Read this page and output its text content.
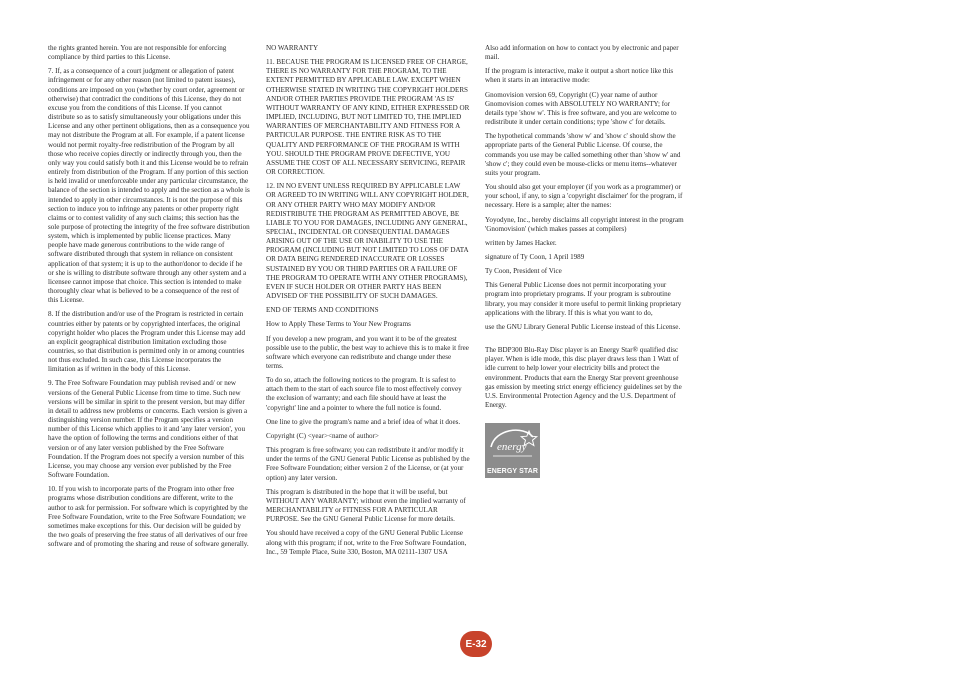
the rights granted herein. You are not responsible for enforcing compliance by third parties to this License.

7. If, as a consequence of a court judgment or allegation of patent infringement or for any other reason (not limited to patent issues), conditions are imposed on you (whether by court order, agreement or otherwise) that contradict the conditions of this License, they do not excuse you from the conditions of this License. If you cannot distribute so as to satisfy simultaneously your obligations under this License and any other pertinent obligations, then as a consequence you may not distribute the Program at all. For example, if a patent license would not permit royalty-free redistribution of the Program by all those who receive copies directly or indirectly through you, then the only way you could satisfy both it and this License would be to refrain entirely from distribution of the Program. If any portion of this section is held invalid or unenforceable under any particular circumstance, the balance of the section is intended to apply and the section as a whole is intended to apply in other circumstances. It is not the purpose of this section to induce you to infringe any patents or other property right claims or to contest validity of any such claims; this section has the sole purpose of protecting the integrity of the free software distribution system, which is implemented by public license practices. Many people have made generous contributions to the wide range of software distributed through that system in reliance on consistent application of that system; it is up to the author/donor to decide if he or she is willing to distribute software through any other system and a licensee cannot impose that choice. This section is intended to make thoroughly clear what is believed to be a consequence of the rest of this License.

8. If the distribution and/or use of the Program is restricted in certain countries either by patents or by copyrighted interfaces, the original copyright holder who places the Program under this License may add an explicit geographical distribution limitation excluding those countries, so that distribution is permitted only in or among countries not thus excluded. In such case, this License incorporates the limitation as if written in the body of this License.

9. The Free Software Foundation may publish revised and/ or new versions of the General Public License from time to time. Such new versions will be similar in spirit to the present version, but may differ in detail to address new problems or concerns. Each version is given a distinguishing version number. If the Program specifies a version number of this License which applies to it and 'any later version', you have the option of following the terms and conditions either of that version or of any later version published by the Free Software Foundation. If the Program does not specify a version number of this License, you may choose any version ever published by the Free Software Foundation.

10. If you wish to incorporate parts of the Program into other free programs whose distribution conditions are different, write to the author to ask for permission. For software which is copyrighted by the Free Software Foundation, write to the Free Software Foundation; we sometimes make exceptions for this. Our decision will be guided by the two goals of preserving the free status of all derivatives of our free software and of promoting the sharing and reuse of software generally.

NO WARRANTY

11. BECAUSE THE PROGRAM IS LICENSED FREE OF CHARGE, THERE IS NO WARRANTY FOR THE PROGRAM, TO THE EXTENT PERMITTED BY APPLICABLE LAW. EXCEPT WHEN OTHERWISE STATED IN WRITING THE COPYRIGHT HOLDERS AND/OR OTHER PARTIES PROVIDE THE PROGRAM 'AS IS' WITHOUT WARRANTY OF ANY KIND, EITHER EXPRESSED OR IMPLIED, INCLUDING, BUT NOT LIMITED TO, THE IMPLIED WARRANTIES OF MERCHANTABILITY AND FITNESS FOR A PARTICULAR PURPOSE. THE ENTIRE RISK AS TO THE QUALITY AND PERFORMANCE OF THE PROGRAM IS WITH YOU. SHOULD THE PROGRAM PROVE DEFECTIVE, YOU ASSUME THE COST OF ALL NECESSARY SERVICING, REPAIR OR CORRECTION.

12. IN NO EVENT UNLESS REQUIRED BY APPLICABLE LAW OR AGREED TO IN WRITING WILL ANY COPYRIGHT HOLDER, OR ANY OTHER PARTY WHO MAY MODIFY AND/OR REDISTRIBUTE THE PROGRAM AS PERMITTED ABOVE, BE LIABLE TO YOU FOR DAMAGES, INCLUDING ANY GENERAL, SPECIAL, INCIDENTAL OR CONSEQUENTIAL DAMAGES ARISING OUT OF THE USE OR INABILITY TO USE THE PROGRAM (INCLUDING BUT NOT LIMITED TO LOSS OF DATA OR DATA BEING RENDERED INACCURATE OR LOSSES SUSTAINED BY YOU OR THIRD PARTIES OR A FAILURE OF THE PROGRAM TO OPERATE WITH ANY OTHER PROGRAMS), EVEN IF SUCH HOLDER OR OTHER PARTY HAS BEEN ADVISED OF THE POSSIBILITY OF SUCH DAMAGES.

END OF TERMS AND CONDITIONS

How to Apply These Terms to Your New Programs

If you develop a new program, and you want it to be of the greatest possible use to the public, the best way to achieve this is to make it free software which everyone can redistribute and change under these terms.

To do so, attach the following notices to the program. It is safest to attach them to the start of each source file to most effectively convey the exclusion of warranty; and each file should have at least the 'copyright' line and a pointer to where the full notice is found.

One line to give the program's name and a brief idea of what it does.

Copyright (C) <year><name of author>

This program is free software; you can redistribute it and/or modify it under the terms of the GNU General Public License as published by the Free Software Foundation; either version 2 of the License, or (at your option) any later version.

This program is distributed in the hope that it will be useful, but WITHOUT ANY WARRANTY; without even the implied warranty of MERCHANTABILITY or FITNESS FOR A PARTICULAR PURPOSE. See the GNU General Public License for more details.

You should have received a copy of the GNU General Public License along with this program; if not, write to the Free Software Foundation, Inc., 59 Temple Place, Suite 330, Boston, MA 02111-1307 USA

Also add information on how to contact you by electronic and paper mail.

If the program is interactive, make it output a short notice like this when it starts in an interactive mode:

Gnomovision version 69, Copyright (C) year name of author Gnomovision comes with ABSOLUTELY NO WARRANTY; for details type 'show w'. This is free software, and you are welcome to redistribute it under certain conditions; type 'show c' for details.

The hypothetical commands 'show w' and 'show c' should show the appropriate parts of the General Public License. Of course, the commands you use may be called something other than 'show w' and 'show c'; they could even be mouse-clicks or menu items--whatever suits your program.

You should also get your employer (if you work as a programmer) or your school, if any, to sign a 'copyright disclaimer' for the program, if necessary. Here is a sample; alter the names:

Yoyodyne, Inc., hereby disclaims all copyright interest in the program 'Gnomovision' (which makes passes at compilers)

written by James Hacker.

signature of Ty Coon, 1 April 1989

Ty Coon, President of Vice

This General Public License does not permit incorporating your program into proprietary programs. If your program is subroutine library, you may consider it more useful to permit linking proprietary applications with the library. If this is what you want to do,

use the GNU Library General Public License instead of this License.

The BDP300 Blu-Ray Disc player is an Energy Star® qualified disc player. When is idle mode, this disc player draws less than 1 Watt of idle current to help lower your electricity bills and protect the environment. Products that earn the Energy Star prevent greenhouse gas emission by meeting strict energy efficiency guidelines set by the U.S. Environmental Protection Agency and the U.S. Department of Energy.

energy
ENERGY STAR
E-32
